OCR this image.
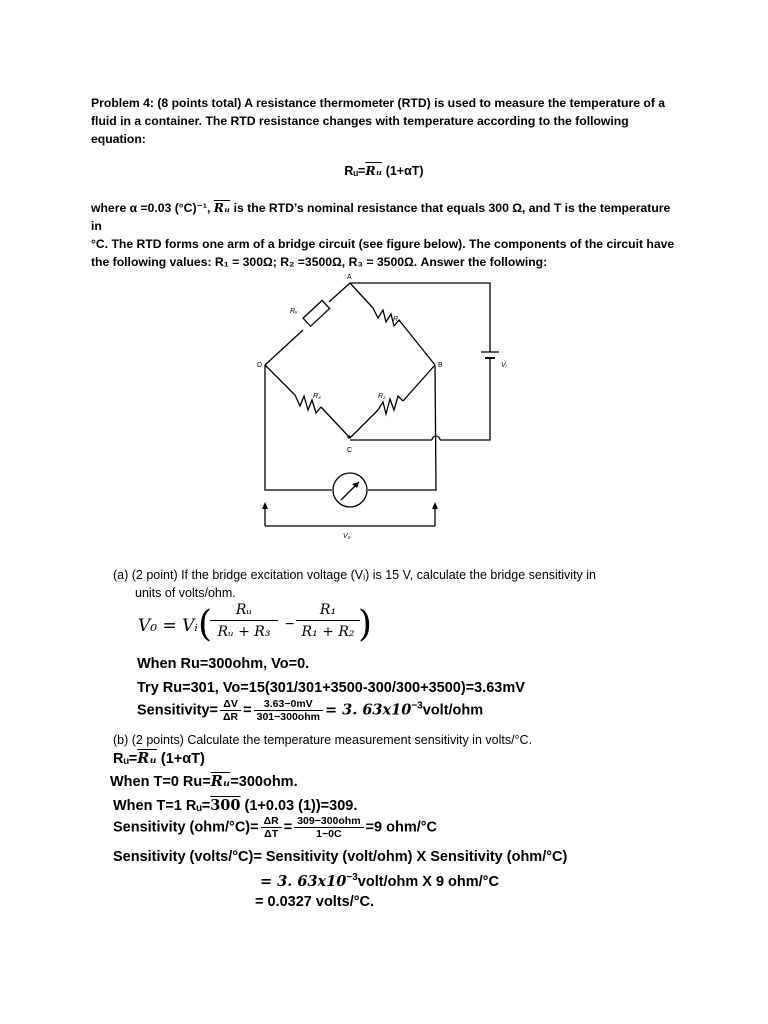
Problem 4: (8 points total) A resistance thermometer (RTD) is used to measure the temperature of a
fluid in a container. The RTD resistance changes with temperature according to the following
equation:
$Rᵤ=\overline{Rᵤ}$ (1+αT)
where α =0.03 (°C)⁻¹, $\overline{Rᵤ}$ is the RTD’s nominal resistance that equals 300 Ω, and T is the temperature in
°C. The RTD forms one arm of a bridge circuit (see figure below). The components of the circuit have
the following values: R₁ = 300Ω; R₂ =3500Ω, R₃ = 3500Ω. Answer the following:
A
B
C
D
Rᵤ
R₁
R₂
R₃
Vᵢ
V₀
(a) (2 point) If the bridge excitation voltage (Vᵢ) is 15 V, calculate the bridge sensitivity in
units of volts/ohm.
V₀ = Vᵢ (	Rᵤ
Rᵤ + R₃ −
R₁
R₁ + R₂ )
When Ru=300ohm, Vo=0.
Try Ru=301, Vo=15(301/301+3500-300/300+3500)=3.63mV
Sensitivity= $\frac{\Delta V}{\Delta R} = \frac{3.63-0mV}{\text{301−300ohm}} = 3$. $63x10^{-3}volt$/ohm
(b) (2 points) Calculate the temperature measurement sensitivity in volts/°C.
$Rᵤ=\overline{Rᵤ}$ (1+αT)
When T=0 $Ru=\overline{Rᵤ}=300ohm$.
When T=1 Rᵤ=300 (1+0.03 (1))=309.
Sensitivity $(ohm/^\circ C)= \frac{\Delta R}{\Delta T} = \frac{\text{309−300ohm}}{1-0C} =9$ ohm/°C
Sensitivity (volts/°C)= Sensitivity (volt/ohm) X Sensitivity (ohm/°C)
= 3. $63x10^{-3}volt$/ohm X 9 ohm/°C
= 0.0327 volts/°C.
